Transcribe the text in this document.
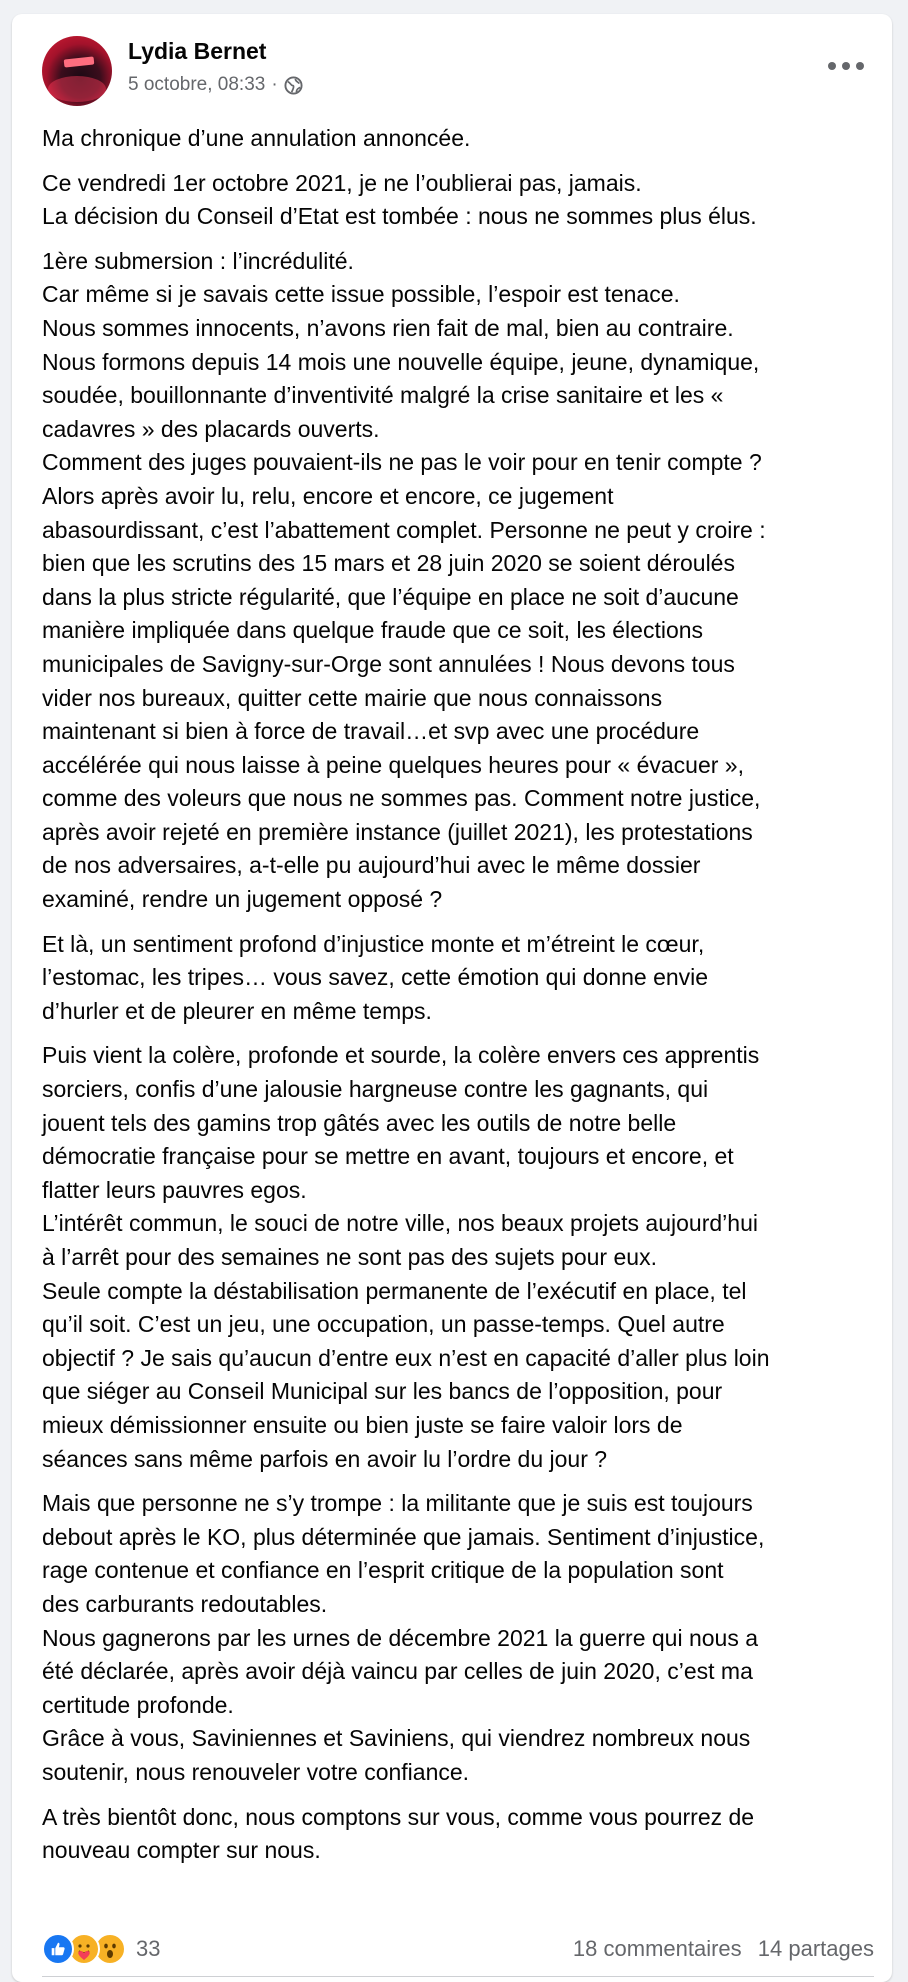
Lydia Bernet
5 octobre, 08:33 ·

Ma chronique d’une annulation annoncée.

Ce vendredi 1er octobre 2021, je ne l’oublierai pas, jamais.
La décision du Conseil d’Etat est tombée : nous ne sommes plus élus.

1ère submersion : l’incrédulité.
Car même si je savais cette issue possible, l’espoir est tenace.
Nous sommes innocents, n’avons rien fait de mal, bien au contraire.
Nous formons depuis 14 mois une nouvelle équipe, jeune, dynamique,
soudée, bouillonnante d’inventivité malgré la crise sanitaire et les «
cadavres » des placards ouverts.
Comment des juges pouvaient-ils ne pas le voir pour en tenir compte ?
Alors après avoir lu, relu, encore et encore, ce jugement
abasourdissant, c’est l’abattement complet. Personne ne peut y croire :
bien que les scrutins des 15 mars et 28 juin 2020 se soient déroulés
dans la plus stricte régularité, que l’équipe en place ne soit d’aucune
manière impliquée dans quelque fraude que ce soit, les élections
municipales de Savigny-sur-Orge sont annulées ! Nous devons tous
vider nos bureaux, quitter cette mairie que nous connaissons
maintenant si bien à force de travail…et svp avec une procédure
accélérée qui nous laisse à peine quelques heures pour « évacuer »,
comme des voleurs que nous ne sommes pas. Comment notre justice,
après avoir rejeté en première instance (juillet 2021), les protestations
de nos adversaires, a-t-elle pu aujourd’hui avec le même dossier
examiné, rendre un jugement opposé ?

Et là, un sentiment profond d’injustice monte et m’étreint le cœur,
l’estomac, les tripes… vous savez, cette émotion qui donne envie
d’hurler et de pleurer en même temps.

Puis vient la colère, profonde et sourde, la colère envers ces apprentis
sorciers, confis d’une jalousie hargneuse contre les gagnants, qui
jouent tels des gamins trop gâtés avec les outils de notre belle
démocratie française pour se mettre en avant, toujours et encore, et
flatter leurs pauvres egos.
L’intérêt commun, le souci de notre ville, nos beaux projets aujourd’hui
à l’arrêt pour des semaines ne sont pas des sujets pour eux.
Seule compte la déstabilisation permanente de l’exécutif en place, tel
qu’il soit. C’est un jeu, une occupation, un passe-temps. Quel autre
objectif ? Je sais qu’aucun d’entre eux n’est en capacité d’aller plus loin
que siéger au Conseil Municipal sur les bancs de l’opposition, pour
mieux démissionner ensuite ou bien juste se faire valoir lors de
séances sans même parfois en avoir lu l’ordre du jour ?

Mais que personne ne s’y trompe : la militante que je suis est toujours
debout après le KO, plus déterminée que jamais. Sentiment d’injustice,
rage contenue et confiance en l’esprit critique de la population sont
des carburants redoutables.
Nous gagnerons par les urnes de décembre 2021 la guerre qui nous a
été déclarée, après avoir déjà vaincu par celles de juin 2020, c’est ma
certitude profonde.
Grâce à vous, Saviniennes et Saviniens, qui viendrez nombreux nous
soutenir, nous renouveler votre confiance.

A très bientôt donc, nous comptons sur vous, comme vous pourrez de
nouveau compter sur nous.

33	18 commentaires 14 partages
